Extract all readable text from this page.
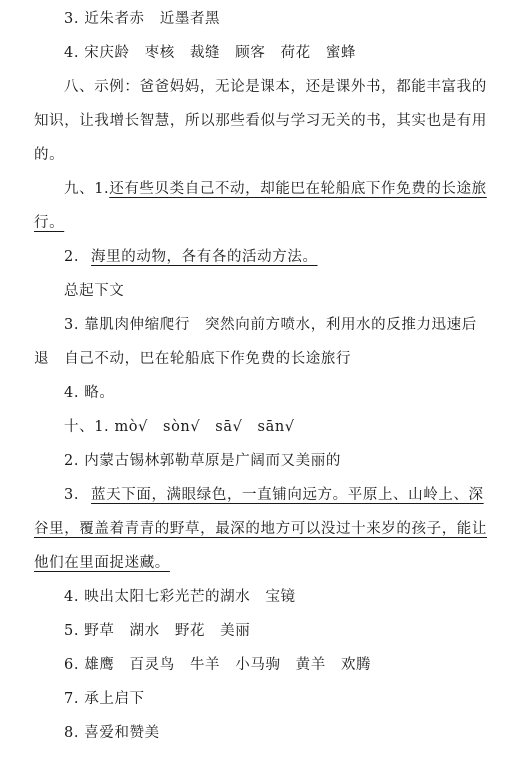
3. 近朱者赤　近墨者黑
4. 宋庆龄　枣核　裁缝　顾客　荷花　蜜蜂
八、示例：爸爸妈妈，无论是课本，还是课外书，都能丰富我的
知识，让我增长智慧，所以那些看似与学习无关的书，其实也是有用
的。
九、1.还有些贝类自己不动，却能巴在轮船底下作免费的长途旅
行。
2. 海里的动物，各有各的活动方法。
总起下文
3. 靠肌肉伸缩爬行　突然向前方喷水，利用水的反推力迅速后
退　自己不动，巴在轮船底下作免费的长途旅行
4. 略。
十、1. mò√　sòn√　sā√　sān√
2. 内蒙古锡林郭勒草原是广阔而又美丽的
3. 蓝天下面，满眼绿色，一直铺向远方。平原上、山岭上、深
谷里，覆盖着青青的野草，最深的地方可以没过十来岁的孩子，能让
他们在里面捉迷藏。
4. 映出太阳七彩光芒的湖水　宝镜
5. 野草　湖水　野花　美丽
6. 雄鹰　百灵鸟　牛羊　小马驹　黄羊　欢腾
7. 承上启下
8. 喜爱和赞美
